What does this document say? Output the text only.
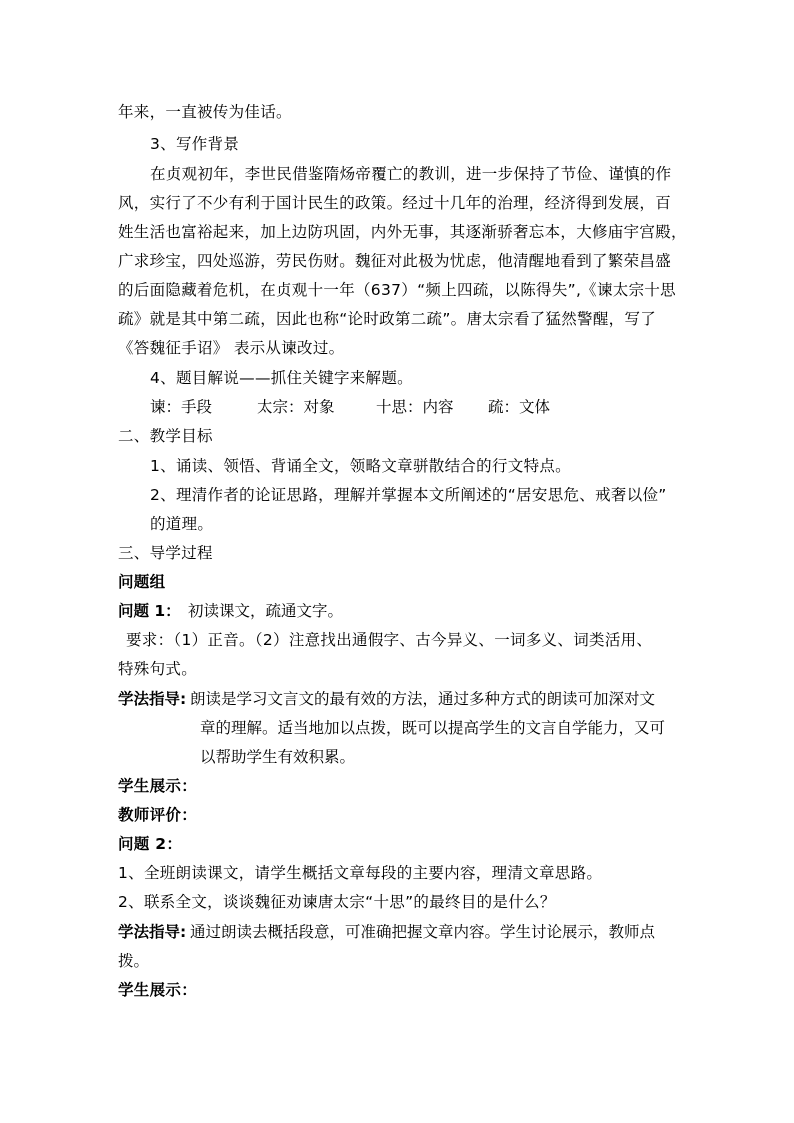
年来，一直被传为佳话。
3、写作背景
在贞观初年，李世民借鉴隋炀帝覆亡的教训，进一步保持了节俭、谨慎的作
风，实行了不少有利于国计民生的政策。经过十几年的治理，经济得到发展，百
姓生活也富裕起来，加上边防巩固，内外无事，其逐渐骄奢忘本，大修庙宇宫殿，
广求珍宝，四处巡游，劳民伤财。魏征对此极为忧虑，他清醒地看到了繁荣昌盛
的后面隐藏着危机，在贞观十一年（637）“频上四疏，以陈得失”,《谏太宗十思
疏》就是其中第二疏，因此也称“论时政第二疏”。唐太宗看了猛然警醒，写了
《答魏征手诏》 表示从谏改过。
4、题目解说——抓住关键字来解题。
谏：手段	太宗：对象	十思：内容 疏：文体
二、教学目标
1、诵读、领悟、背诵全文，领略文章骈散结合的行文特点。
2、理清作者的论证思路，理解并掌握本文所阐述的“居安思危、戒奢以俭”
的道理。
三、导学过程
问题组
问题 1： 初读课文，疏通文字。
要求：（1）正音。（2）注意找出通假字、古今异义、一词多义、词类活用、
特殊句式。
学法指导: 朗读是学习文言文的最有效的方法，通过多种方式的朗读可加深对文
章的理解。适当地加以点拨，既可以提高学生的文言自学能力，又可
以帮助学生有效积累。
学生展示：
教师评价：
问题 2：
1、全班朗读课文，请学生概括文章每段的主要内容，理清文章思路。
2、联系全文，谈谈魏征劝谏唐太宗“十思”的最终目的是什么？
学法指导: 通过朗读去概括段意，可准确把握文章内容。学生讨论展示，教师点
拨。
学生展示：
